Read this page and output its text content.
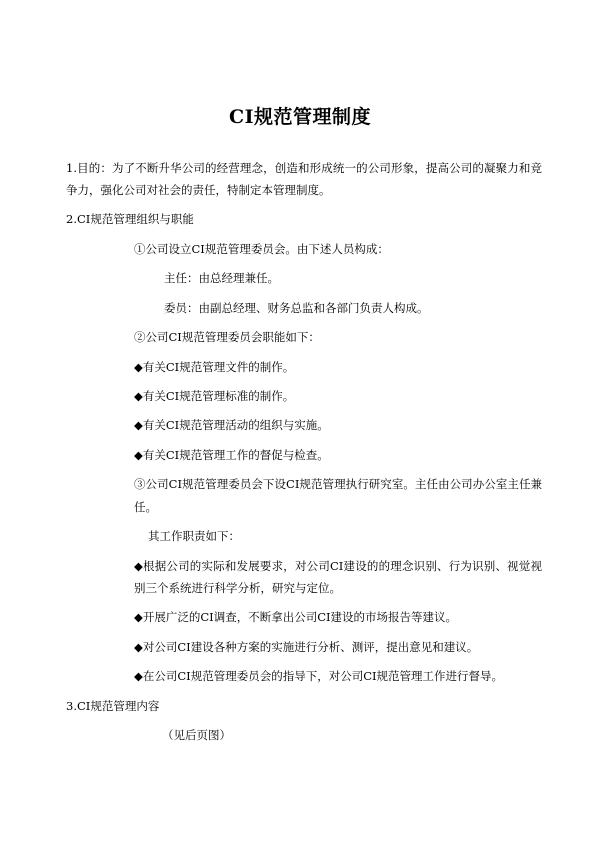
CI规范管理制度

1.目的：为了不断升华公司的经营理念，创造和形成统一的公司形象，提高公司的凝聚力和竞争力，强化公司对社会的责任，特制定本管理制度。

2.CI规范管理组织与职能

①公司设立CI规范管理委员会。由下述人员构成：

主任：由总经理兼任。

委员：由副总经理、财务总监和各部门负责人构成。

②公司CI规范管理委员会职能如下：

◆有关CI规范管理文件的制作。

◆有关CI规范管理标准的制作。

◆有关CI规范管理活动的组织与实施。

◆有关CI规范管理工作的督促与检查。

③公司CI规范管理委员会下设CI规范管理执行研究室。主任由公司办公室主任兼任。

其工作职责如下：

◆根据公司的实际和发展要求，对公司CI建设的的理念识别、行为识别、视觉视别三个系统进行科学分析，研究与定位。

◆开展广泛的CI调查，不断拿出公司CI建设的市场报告等建议。

◆对公司CI建设各种方案的实施进行分析、测评，提出意见和建议。

◆在公司CI规范管理委员会的指导下，对公司CI规范管理工作进行督导。

3.CI规范管理内容

（见后页图）
